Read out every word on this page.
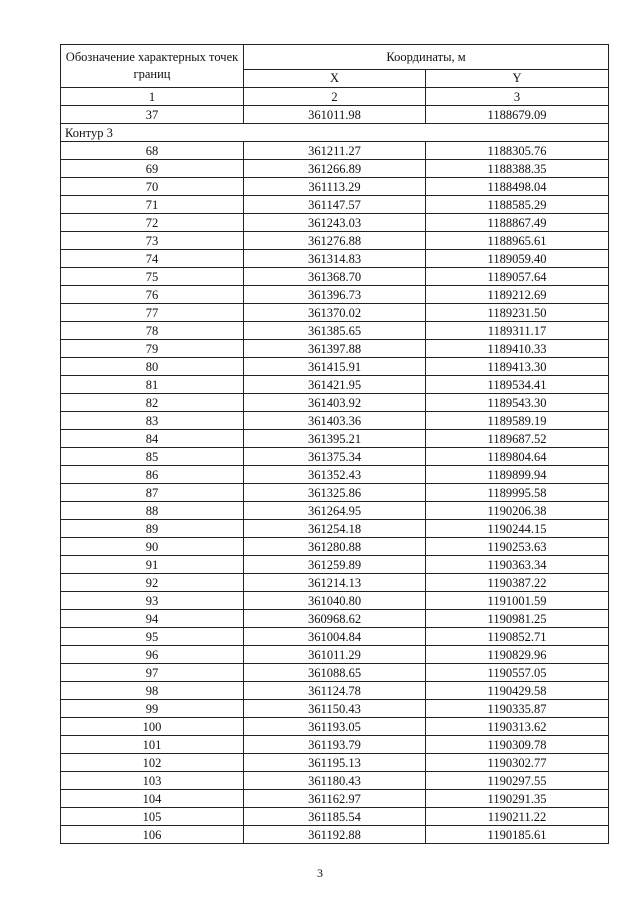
Обозначение характерных точек границ	Координаты, м	
	X	Y
1	2	3
37	361011.98	1188679.09
Контур 3		
68	361211.27	1188305.76
69	361266.89	1188388.35
70	361113.29	1188498.04
71	361147.57	1188585.29
72	361243.03	1188867.49
73	361276.88	1188965.61
74	361314.83	1189059.40
75	361368.70	1189057.64
76	361396.73	1189212.69
77	361370.02	1189231.50
78	361385.65	1189311.17
79	361397.88	1189410.33
80	361415.91	1189413.30
81	361421.95	1189534.41
82	361403.92	1189543.30
83	361403.36	1189589.19
84	361395.21	1189687.52
85	361375.34	1189804.64
86	361352.43	1189899.94
87	361325.86	1189995.58
88	361264.95	1190206.38
89	361254.18	1190244.15
90	361280.88	1190253.63
91	361259.89	1190363.34
92	361214.13	1190387.22
93	361040.80	1191001.59
94	360968.62	1190981.25
95	361004.84	1190852.71
96	361011.29	1190829.96
97	361088.65	1190557.05
98	361124.78	1190429.58
99	361150.43	1190335.87
100	361193.05	1190313.62
101	361193.79	1190309.78
102	361195.13	1190302.77
103	361180.43	1190297.55
104	361162.97	1190291.35
105	361185.54	1190211.22
106	361192.88	1190185.61
3
